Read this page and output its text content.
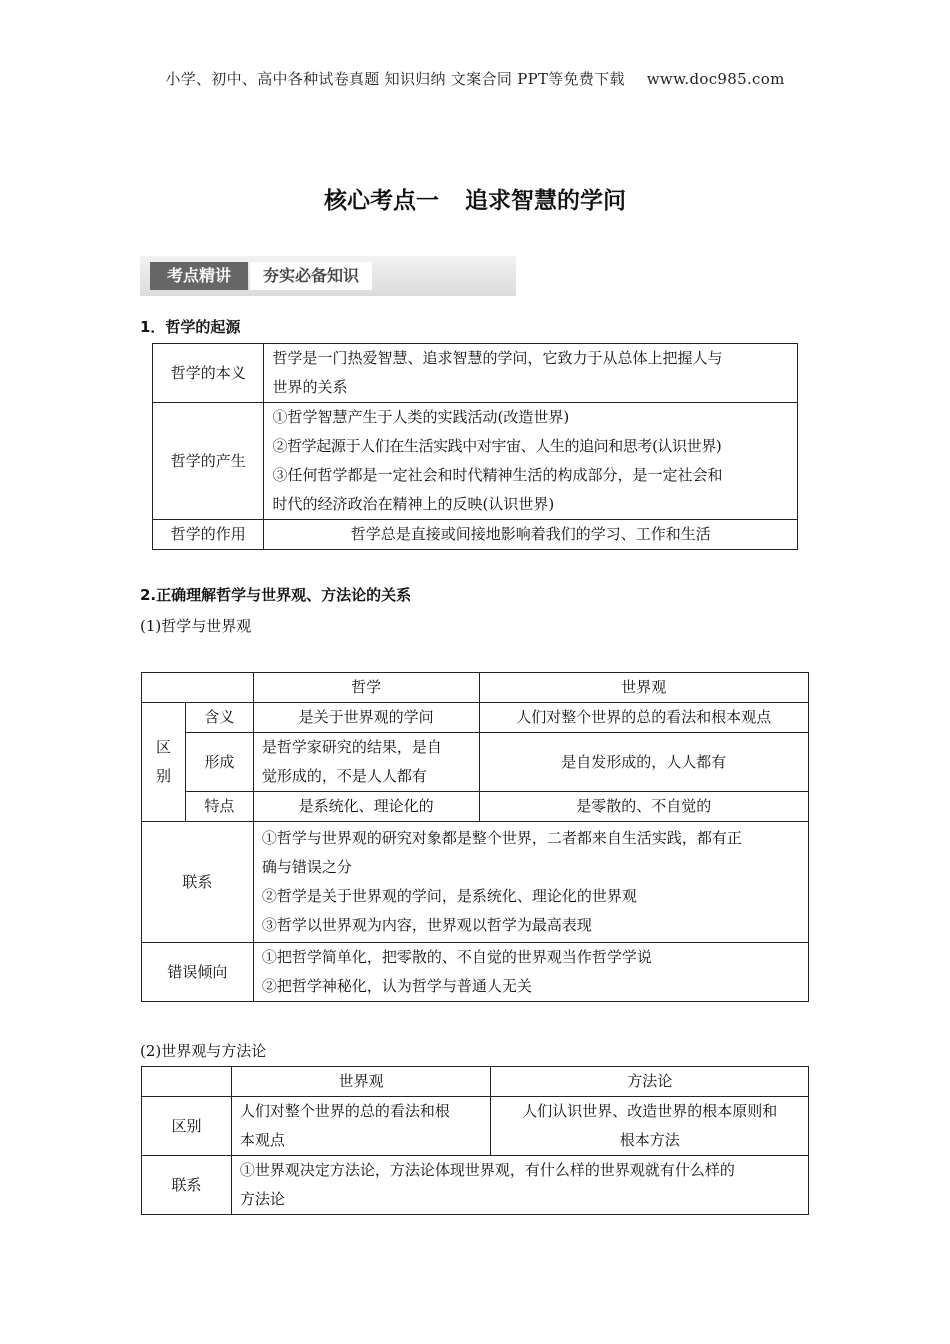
小学、初中、高中各种试卷真题 知识归纳 文案合同 PPT等免费下载 www.doc985.com
核心考点一 追求智慧的学问
考点精讲	夯实必备知识
1．哲学的起源
哲学的本义	哲学是一门热爱智慧、追求智慧的学问，它致力于从总体上把握人与
世界的关系

哲学的产生	①哲学智慧产生于人类的实践活动(改造世界)
②哲学起源于人们在生活实践中对宇宙、人生的追问和思考(认识世界)
③任何哲学都是一定社会和时代精神生活的构成部分，是一定社会和
时代的经济政治在精神上的反映(认识世界)

哲学的作用	哲学总是直接或间接地影响着我们的学习、工作和生活
2.正确理解哲学与世界观、方法论的关系
(1)哲学与世界观
		哲学	世界观

区
别	含义	是关于世界观的学问	人们对整个世界的总的看法和根本观点
	形成	是哲学家研究的结果，是自
觉形成的，不是人人都有	是自发形成的，人人都有
	特点	是系统化、理论化的	是零散的、不自觉的
联系		①哲学与世界观的研究对象都是整个世界，二者都来自生活实践，都有正
确与错误之分
②哲学是关于世界观的学问，是系统化、理论化的世界观
③哲学以世界观为内容，世界观以哲学为最高表现	

错误倾向		①把哲学简单化，把零散的、不自觉的世界观当作哲学学说
②把哲学神秘化，认为哲学与普通人无关	
(2)世界观与方法论
	世界观	方法论
区别	人们对整个世界的总的看法和根
本观点	人们认识世界、改造世界的根本原则和
根本方法

联系	①世界观决定方法论，方法论体现世界观，有什么样的世界观就有什么样的
方法论	
